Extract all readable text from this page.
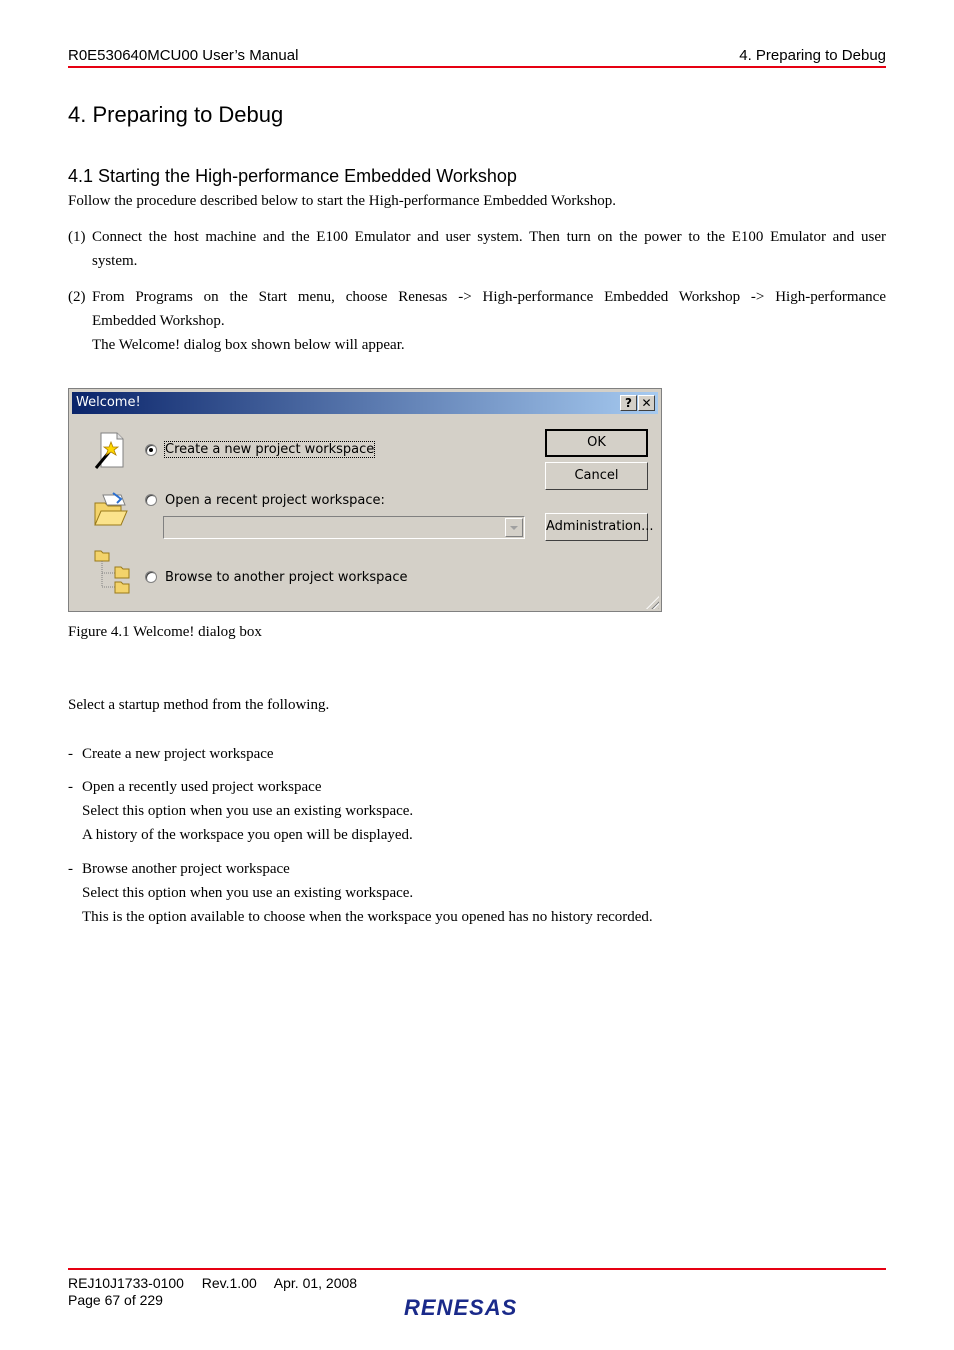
R0E530640MCU00 User’s Manual	4. Preparing to Debug
4. Preparing to Debug
4.1 Starting the High-performance Embedded Workshop
Follow the procedure described below to start the High-performance Embedded Workshop.
(1) Connect the host machine and the E100 Emulator and user system. Then turn on the power to the E100 Emulator and user
system.
(2) From Programs on the Start menu, choose Renesas -> High-performance Embedded Workshop -> High-performance
Embedded Workshop.
The Welcome! dialog box shown below will appear.
Welcome!	? ✕
Create a new project workspace
Open a recent project workspace:
Browse to another project workspace
OK
Cancel
Administration...
Figure 4.1 Welcome! dialog box
Select a startup method from the following.
- Create a new project workspace
- Open a recently used project workspace
Select this option when you use an existing workspace.
A history of the workspace you open will be displayed.
- Browse another project workspace
Select this option when you use an existing workspace.
This is the option available to choose when the workspace you opened has no history recorded.
REJ10J1733-0100 Rev.1.00 Apr. 01, 2008
Page 67 of 229	RENESAS
